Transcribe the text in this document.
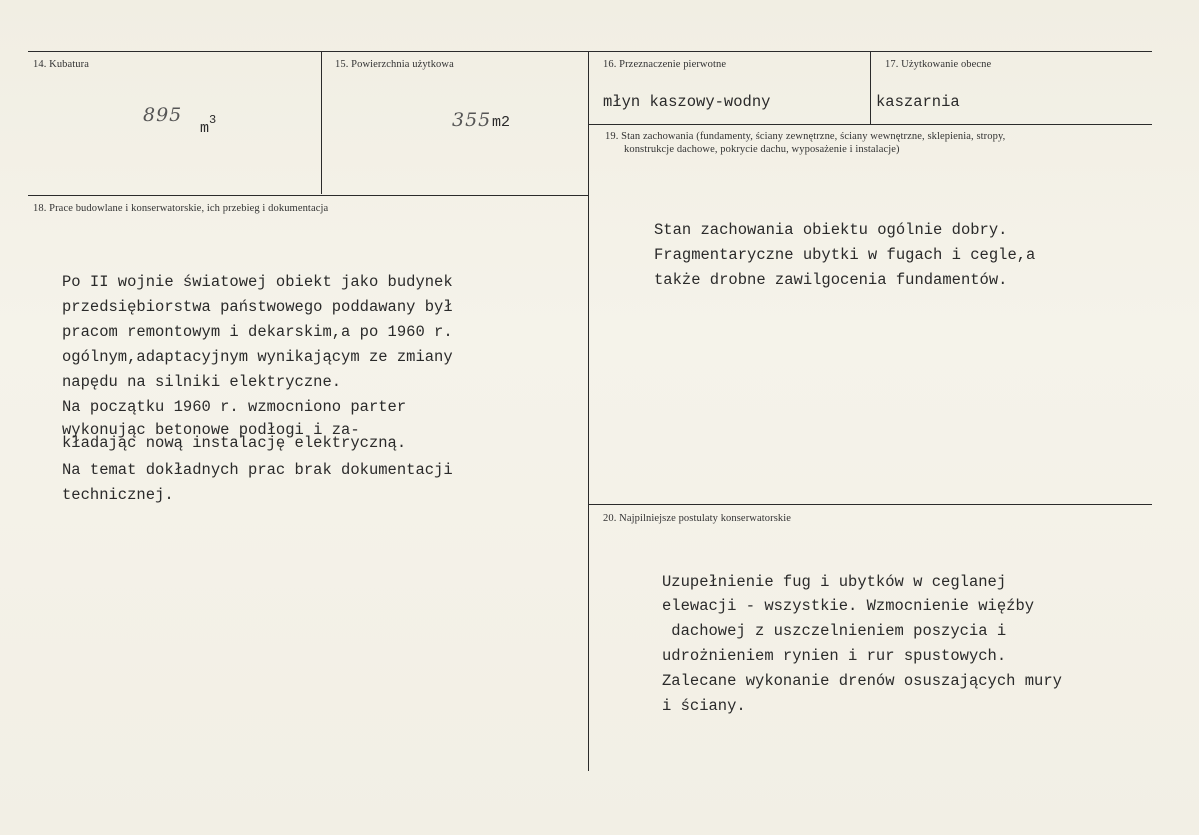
14. Kubatura
895
$m^3$
15. Powierzchnia użytkowa
355 m2
16. Przeznaczenie pierwotne
młyn kaszowy-wodny
17. Użytkowanie obecne
kaszarnia
18. Prace budowlane i konserwatorskie, ich przebieg i dokumentacja
Po II wojnie światowej obiekt jako budynek
przedsiębiorstwa państwowego poddawany był
pracom remontowym i dekarskim,a po 1960 r.
ogólnym,adaptacyjnym wynikającym ze zmiany
napędu na silniki elektryczne.
Na początku 1960 r. wzmocniono parter
wykonując betonowe podłogi i za-
kładając nową instalację elektryczną.
Na temat dokładnych prac brak dokumentacji
technicznej.
19. Stan zachowania (fundamenty, ściany zewnętrzne, ściany wewnętrzne, sklepienia, stropy,
konstrukcje dachowe, pokrycie dachu, wyposażenie i instalacje)
Stan zachowania obiektu ogólnie dobry.
Fragmentaryczne ubytki w fugach i cegle,a
także drobne zawilgocenia fundamentów.
20. Najpilniejsze postulaty konserwatorskie
Uzupełnienie fug i ubytków w ceglanej
elewacji - wszystkie. Wzmocnienie więźby
dachowej z uszczelnieniem poszycia i
udrożnieniem rynien i rur spustowych.
Zalecane wykonanie drenów osuszających mury
i ściany.
